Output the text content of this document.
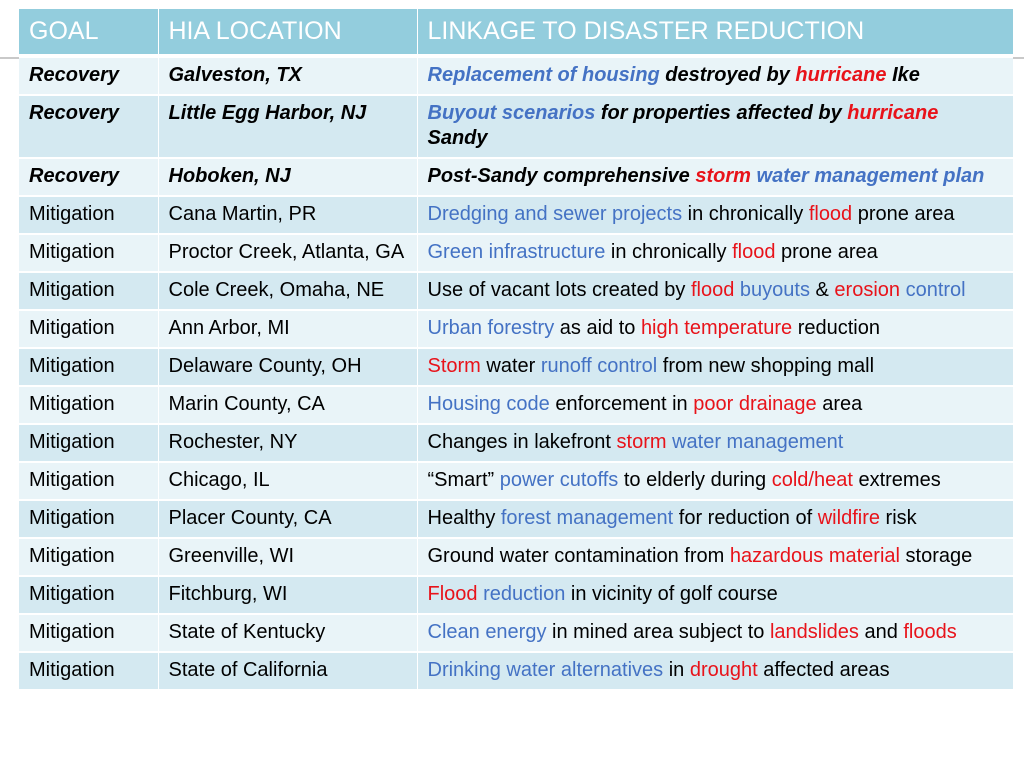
GOAL	HIA LOCATION	LINKAGE TO DISASTER REDUCTION
Recovery	Galveston, TX	Replacement of housing destroyed by hurricane Ike
Recovery	Little Egg Harbor, NJ	Buyout scenarios for properties affected by hurricane Sandy
Recovery	Hoboken, NJ	Post-Sandy comprehensive storm water management plan
Mitigation	Cana Martin, PR	Dredging and sewer projects in chronically flood prone area
Mitigation	Proctor Creek, Atlanta, GA	Green infrastructure in chronically flood prone area
Mitigation	Cole Creek, Omaha, NE	Use of vacant lots created by flood buyouts & erosion control
Mitigation	Ann Arbor, MI	Urban forestry as aid to high temperature reduction
Mitigation	Delaware County, OH	Storm water runoff control from new shopping mall
Mitigation	Marin County, CA	Housing code enforcement in poor drainage area
Mitigation	Rochester, NY	Changes in lakefront storm water management
Mitigation	Chicago, IL	“Smart” power cutoffs to elderly during cold/heat extremes
Mitigation	Placer County, CA	Healthy forest management for reduction of wildfire risk
Mitigation	Greenville, WI	Ground water contamination from hazardous material storage
Mitigation	Fitchburg, WI	Flood reduction in vicinity of golf course
Mitigation	State of Kentucky	Clean energy in mined area subject to landslides and floods
Mitigation	State of California	Drinking water alternatives in drought affected areas
